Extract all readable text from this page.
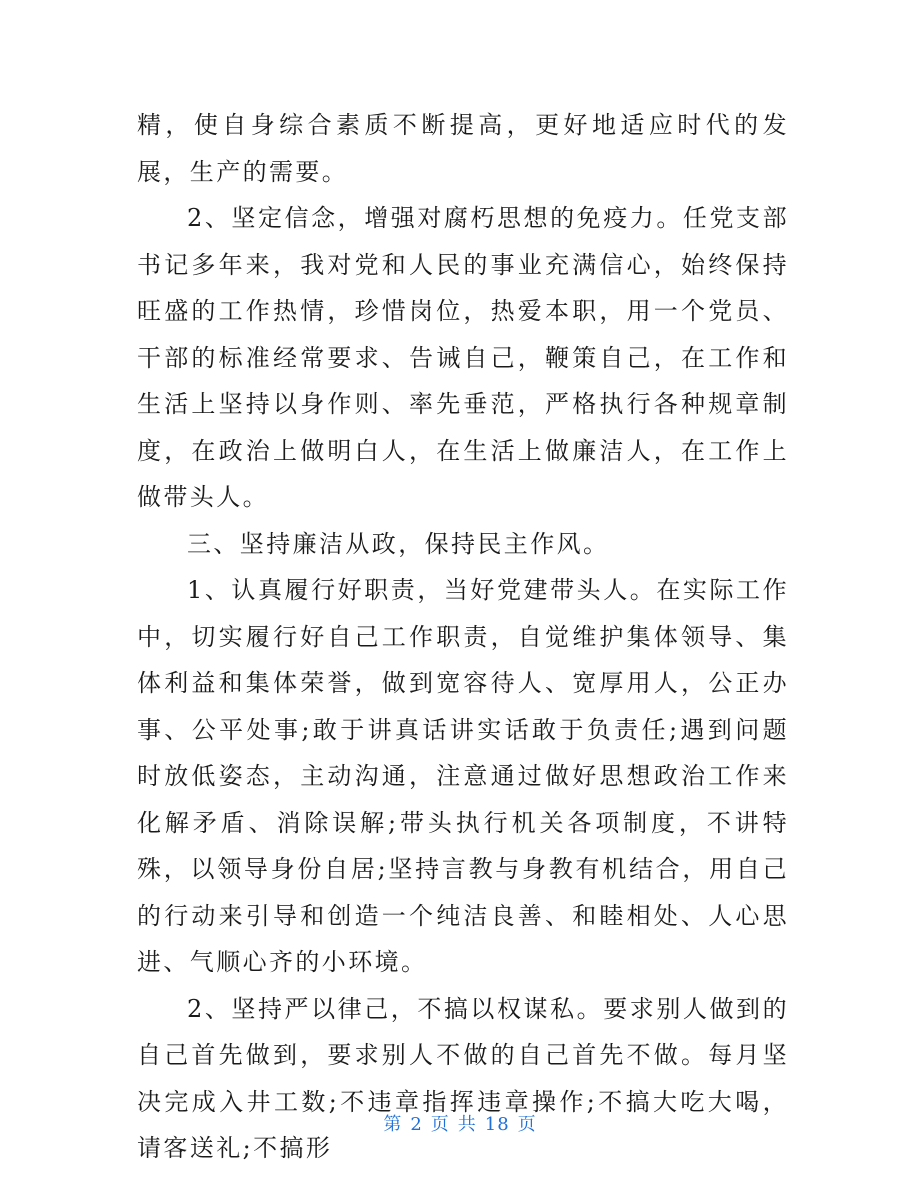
精，使自身综合素质不断提高，更好地适应时代的发展，生产的需要。

2、坚定信念，增强对腐朽思想的免疫力。任党支部书记多年来，我对党和人民的事业充满信心，始终保持旺盛的工作热情，珍惜岗位，热爱本职，用一个党员、干部的标准经常要求、告诫自己，鞭策自己，在工作和生活上坚持以身作则、率先垂范，严格执行各种规章制度，在政治上做明白人，在生活上做廉洁人，在工作上做带头人。

三、坚持廉洁从政，保持民主作风。

1、认真履行好职责，当好党建带头人。在实际工作中，切实履行好自己工作职责，自觉维护集体领导、集体利益和集体荣誉，做到宽容待人、宽厚用人，公正办事、公平处事;敢于讲真话讲实话敢于负责任;遇到问题时放低姿态，主动沟通，注意通过做好思想政治工作来化解矛盾、消除误解;带头执行机关各项制度，不讲特殊，以领导身份自居;坚持言教与身教有机结合，用自己的行动来引导和创造一个纯洁良善、和睦相处、人心思进、气顺心齐的小环境。

2、坚持严以律己，不搞以权谋私。要求别人做到的自己首先做到，要求别人不做的自己首先不做。每月坚决完成入井工数;不违章指挥违章操作;不搞大吃大喝，请客送礼;不搞形

第 2 页 共 18 页
